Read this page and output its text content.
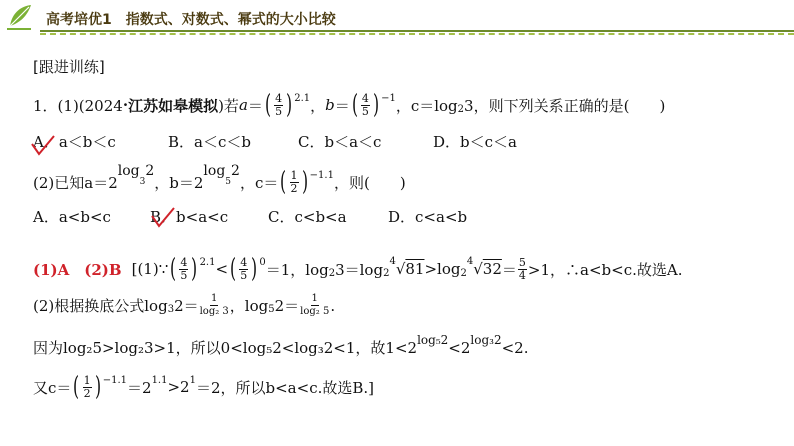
高考培优1　指数式、对数式、幂式的大小比较
[跟进训练]
1．(1)(2024 · 江苏如皋模拟 )若 a ＝ ( $\frac{4}{5}$ ) 2.1 ， b ＝ ( $\frac{4}{5}$ ) −1 ，c＝log 2 3，则下列关系正确的是(　　)
A．a＜b＜c	B．a＜c＜b	C．b＜a＜c	D．b＜c＜a
(2)已知a＝2
log
3
2
，b＝2
log
5
2
，c＝ ( $\frac{1}{2}$ ) −1.1 ，则(　　)
A．a<b<c	B．b<a<c	C．c<b<a	D．c<a<b
(1)A　(2)B [(1)∵ ( $\frac{4}{5}$ ) 2.1 < ( $\frac{4}{5}$ ) 0 ＝1，log 2 3＝log 2
4 √ 81 >log 2
4 √ $32 = \frac{5}{4} >1$，∴a<b<c.故选A.
(2)根据换底公式log 3 $2= \frac{1}{\text{log₂ 3}}$ ，log 5 $2= \frac{1}{\text{log₂ 5}}$ .
因为log₂5>log₂3>1，所以0<log₅2<log₃2<1，故1<2 log₅2 <2 log₃2 <2.
又c＝ ( $\frac{1}{2}$ ) −1.1 ＝2 1.1 >2 1 ＝2，所以b<a<c.故选B.]
